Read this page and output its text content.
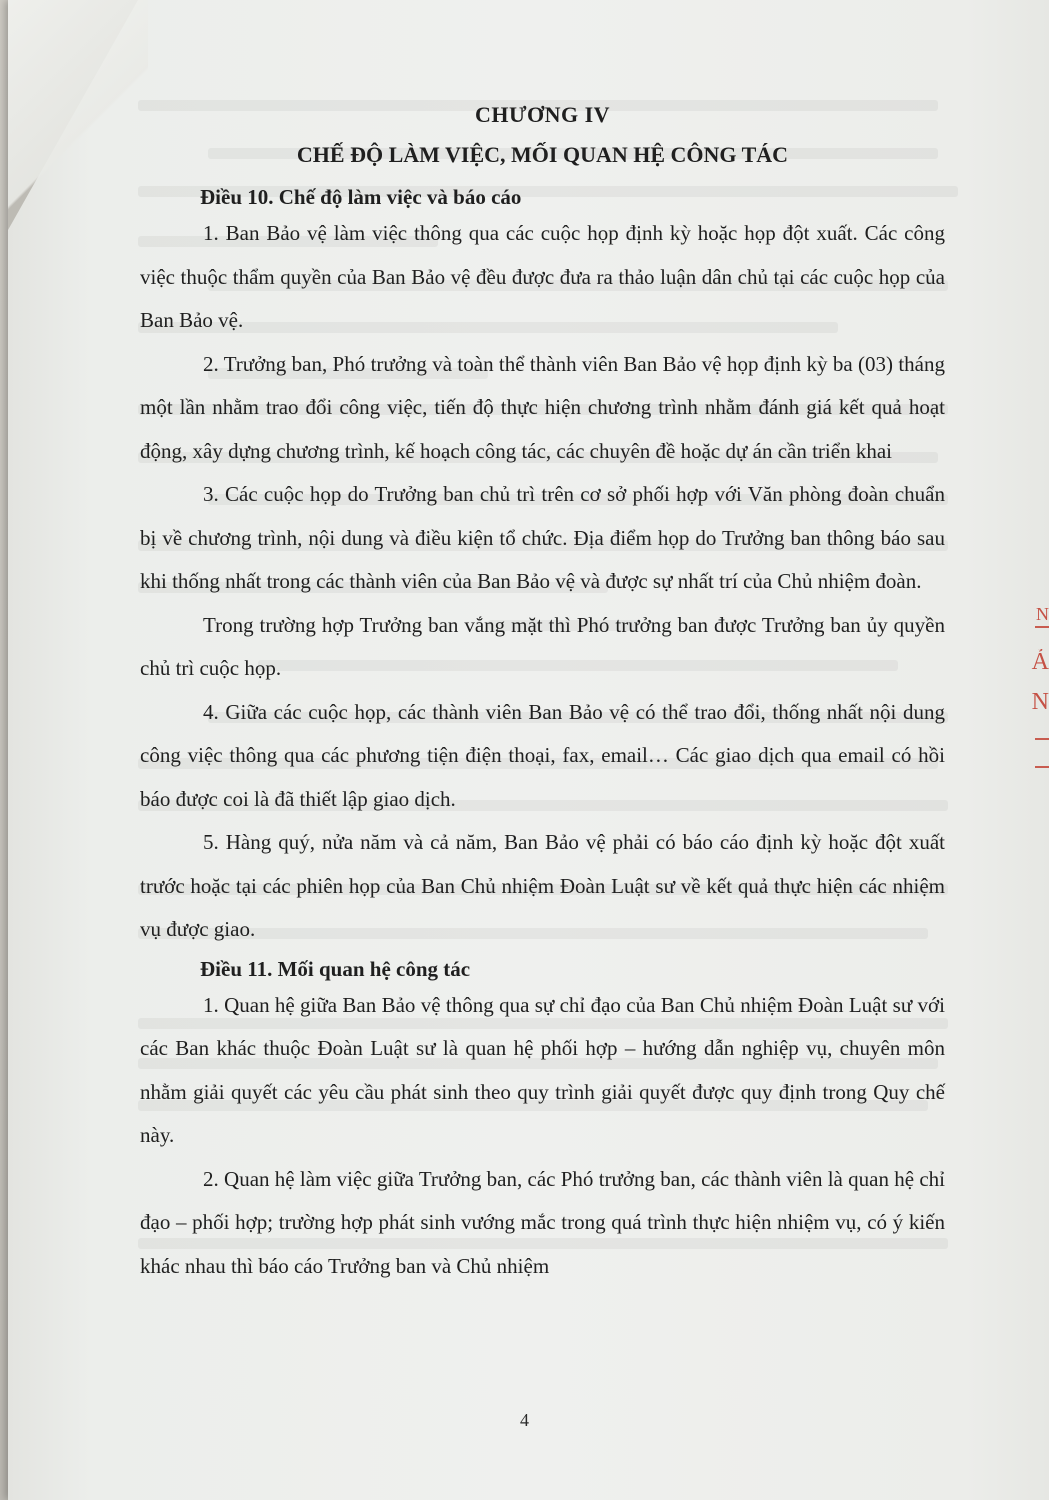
N
Ả
N
CHƯƠNG IV
CHẾ ĐỘ LÀM VIỆC, MỐI QUAN HỆ CÔNG TÁC
Điều 10. Chế độ làm việc và báo cáo

1. Ban Bảo vệ làm việc thông qua các cuộc họp định kỳ hoặc họp đột xuất. Các công việc thuộc thẩm quyền của Ban Bảo vệ đều được đưa ra thảo luận dân chủ tại các cuộc họp của Ban Bảo vệ.

2. Trưởng ban, Phó trưởng và toàn thể thành viên Ban Bảo vệ họp định kỳ ba (03) tháng một lần nhằm trao đổi công việc, tiến độ thực hiện chương trình nhằm đánh giá kết quả hoạt động, xây dựng chương trình, kế hoạch công tác, các chuyên đề hoặc dự án cần triển khai

3. Các cuộc họp do Trưởng ban chủ trì trên cơ sở phối hợp với Văn phòng đoàn chuẩn bị về chương trình, nội dung và điều kiện tổ chức. Địa điểm họp do Trưởng ban thông báo sau khi thống nhất trong các thành viên của Ban Bảo vệ và được sự nhất trí của Chủ nhiệm đoàn.

Trong trường hợp Trưởng ban vắng mặt thì Phó trưởng ban được Trưởng ban ủy quyền chủ trì cuộc họp.

4. Giữa các cuộc họp, các thành viên Ban Bảo vệ có thể trao đổi, thống nhất nội dung công việc thông qua các phương tiện điện thoại, fax, email… Các giao dịch qua email có hồi báo được coi là đã thiết lập giao dịch.

5. Hàng quý, nửa năm và cả năm, Ban Bảo vệ phải có báo cáo định kỳ hoặc đột xuất trước hoặc tại các phiên họp của Ban Chủ nhiệm Đoàn Luật sư về kết quả thực hiện các nhiệm vụ được giao.

Điều 11. Mối quan hệ công tác

1. Quan hệ giữa Ban Bảo vệ thông qua sự chỉ đạo của Ban Chủ nhiệm Đoàn Luật sư với các Ban khác thuộc Đoàn Luật sư là quan hệ phối hợp – hướng dẫn nghiệp vụ, chuyên môn nhằm giải quyết các yêu cầu phát sinh theo quy trình giải quyết được quy định trong Quy chế này.

2. Quan hệ làm việc giữa Trưởng ban, các Phó trưởng ban, các thành viên là quan hệ chỉ đạo – phối hợp; trường hợp phát sinh vướng mắc trong quá trình thực hiện nhiệm vụ, có ý kiến khác nhau thì báo cáo Trưởng ban và Chủ nhiệm

4
